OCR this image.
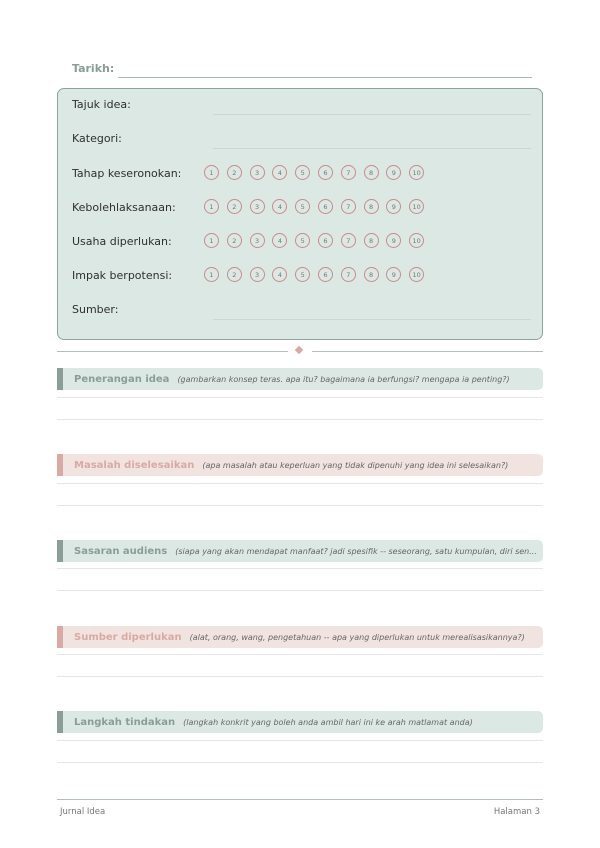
Tarikh:
Tajuk idea:
Kategori:
Tahap keseronokan:	1	2	3	4	5	6	7	8	9	10
Kebolehlaksanaan:	1	2	3	4	5	6	7	8	9	10
Usaha diperlukan:	1	2	3	4	5	6	7	8	9	10
Impak berpotensi:	1	2	3	4	5	6	7	8	9	10
Sumber:
Penerangan idea (gambarkan konsep teras. apa itu? bagaimana ia berfungsi? mengapa ia penting?)
Masalah diselesaikan (apa masalah atau keperluan yang tidak dipenuhi yang idea ini selesaikan?)
Sasaran audiens (siapa yang akan mendapat manfaat? jadi spesifik -- seseorang, satu kumpulan, diri sen...
Sumber diperlukan (alat, orang, wang, pengetahuan -- apa yang diperlukan untuk merealisasikannya?)
Langkah tindakan (langkah konkrit yang boleh anda ambil hari ini ke arah matlamat anda)
Jurnal Idea	Halaman 3
